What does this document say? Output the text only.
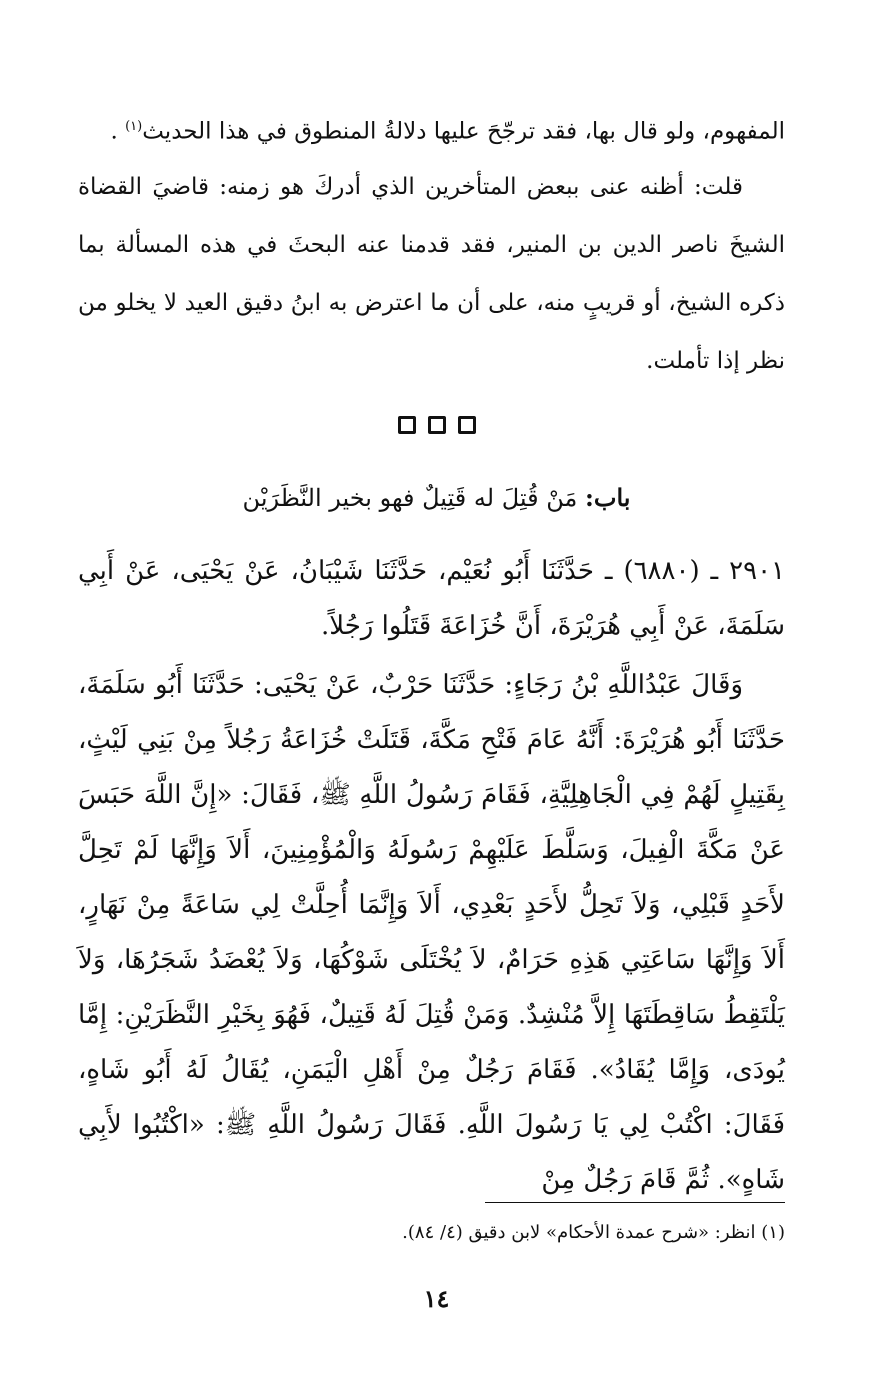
المفهوم، ولو قال بها، فقد ترجّحَ عليها دلالةُ المنطوق في هذا الحديث$^{(١)}$ .

قلت: أظنه عنى ببعض المتأخرين الذي أدركَ هو زمنه: قاضيَ القضاة الشيخَ ناصر الدين بن المنير، فقد قدمنا عنه البحثَ في هذه المسألة بما ذكره الشيخ، أو قريبٍ منه، على أن ما اعترض به ابنُ دقيق العيد لا يخلو من نظر إذا تأملت.

باب: مَنْ قُتِلَ له قَتِيلٌ فهو بخير النَّظَرَيْن

٢٩٠١ ـ (٦٨٨٠) ـ حَدَّثَنَا أَبُو نُعَيْم، حَدَّثَنَا شَيْبَانُ، عَنْ يَحْيَى، عَنْ أَبِي سَلَمَةَ، عَنْ أَبِي هُرَيْرَةَ، أَنَّ خُزَاعَةَ قَتَلُوا رَجُلاً.

وَقَالَ عَبْدُاللَّهِ بْنُ رَجَاءٍ: حَدَّثَنَا حَرْبٌ، عَنْ يَحْيَى: حَدَّثَنَا أَبُو سَلَمَةَ، حَدَّثَنَا أَبُو هُرَيْرَةَ: أَنَّهُ عَامَ فَتْحِ مَكَّةَ، قَتَلَتْ خُزَاعَةُ رَجُلاً مِنْ بَنِي لَيْثٍ، بِقَتِيلٍ لَهُمْ فِي الْجَاهِلِيَّةِ، فَقَامَ رَسُولُ اللَّهِ ﷺ، فَقَالَ: «إِنَّ اللَّهَ حَبَسَ عَنْ مَكَّةَ الْفِيلَ، وَسَلَّطَ عَلَيْهِمْ رَسُولَهُ وَالْمُؤْمِنِينَ، أَلاَ وَإِنَّهَا لَمْ تَحِلَّ لأَحَدٍ قَبْلِي، وَلاَ تَحِلُّ لأَحَدٍ بَعْدِي، أَلاَ وَإِنَّمَا أُحِلَّتْ لِي سَاعَةً مِنْ نَهَارٍ، أَلاَ وَإِنَّهَا سَاعَتِي هَذِهِ حَرَامٌ، لاَ يُخْتَلَى شَوْكُهَا، وَلاَ يُعْضَدُ شَجَرُهَا، وَلاَ يَلْتَقِطُ سَاقِطَتَهَا إِلاَّ مُنْشِدٌ. وَمَنْ قُتِلَ لَهُ قَتِيلٌ، فَهُوَ بِخَيْرِ النَّظَرَيْنِ: إِمَّا يُودَى، وَإِمَّا يُقَادُ». فَقَامَ رَجُلٌ مِنْ أَهْلِ الْيَمَنِ، يُقَالُ لَهُ أَبُو شَاهٍ، فَقَالَ: اكْتُبْ لِي يَا رَسُولَ اللَّهِ. فَقَالَ رَسُولُ اللَّهِ ﷺ: «اكْتُبُوا لأَبِي شَاهٍ». ثُمَّ قَامَ رَجُلٌ مِنْ

(١) انظر: «شرح عمدة الأحكام» لابن دقيق (٤/ ٨٤).
١٤
